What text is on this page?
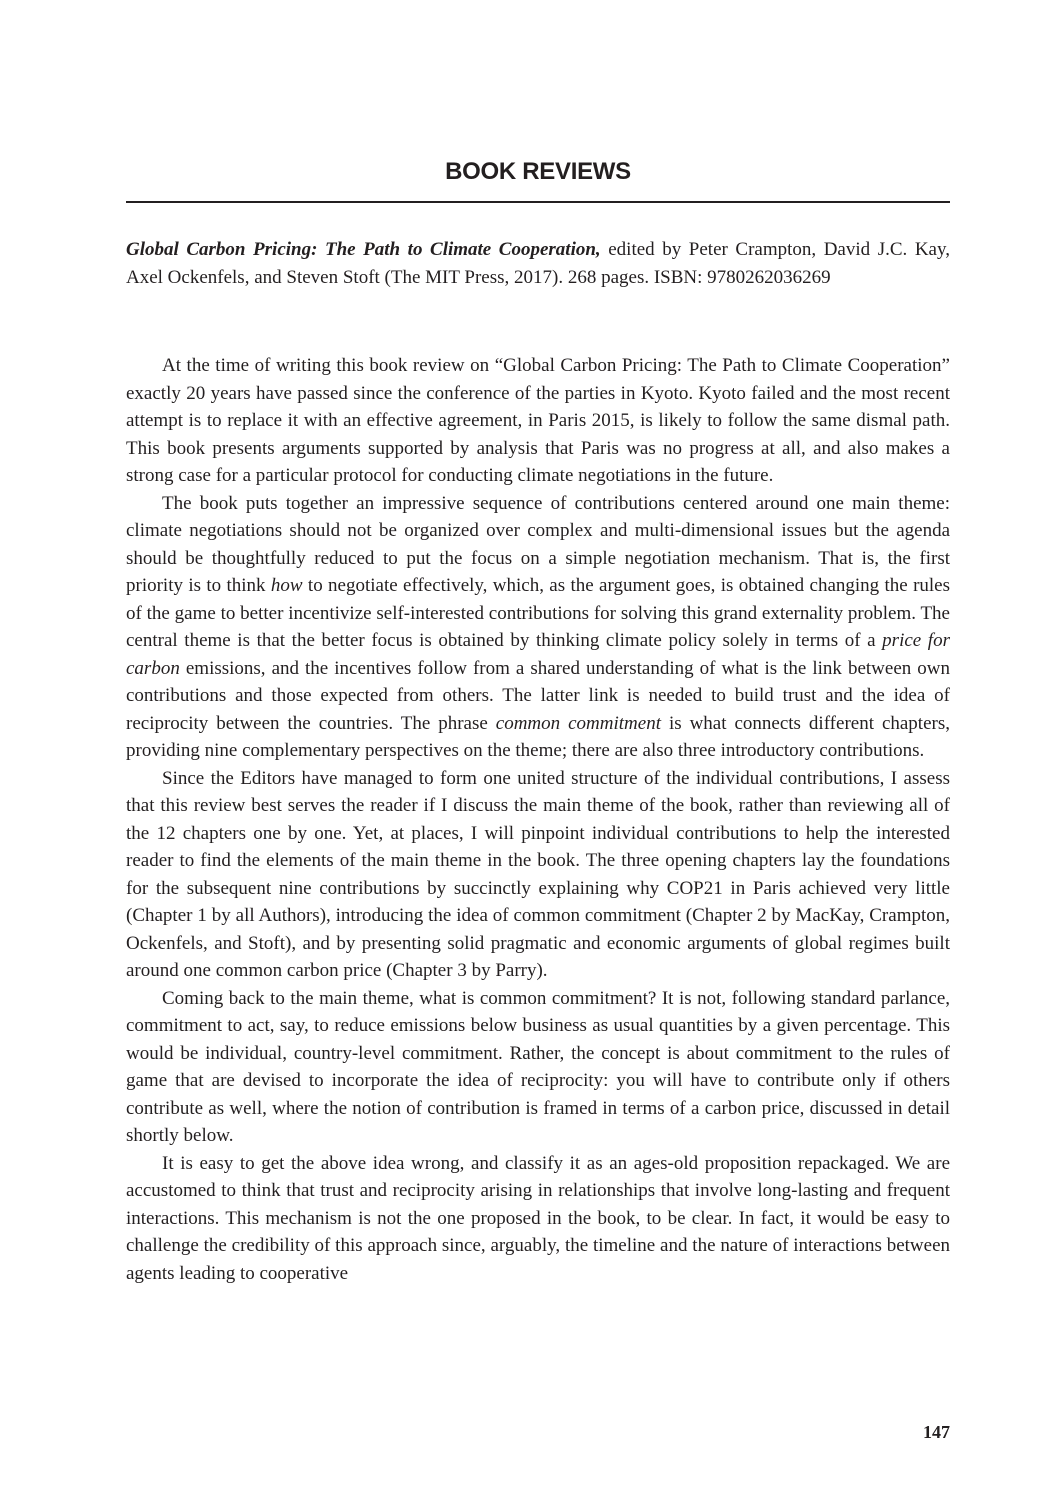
BOOK REVIEWS

Global Carbon Pricing: The Path to Climate Cooperation, edited by Peter Crampton, David J.C. Kay, Axel Ockenfels, and Steven Stoft (The MIT Press, 2017). 268 pages. ISBN: 9780262036269

At the time of writing this book review on “Global Carbon Pricing: The Path to Climate Cooperation” exactly 20 years have passed since the conference of the parties in Kyoto. Kyoto failed and the most recent attempt is to replace it with an effective agreement, in Paris 2015, is likely to follow the same dismal path. This book presents arguments supported by analysis that Paris was no progress at all, and also makes a strong case for a particular protocol for conducting climate negotiations in the future.

The book puts together an impressive sequence of contributions centered around one main theme: climate negotiations should not be organized over complex and multi-dimensional issues but the agenda should be thoughtfully reduced to put the focus on a simple negotiation mechanism. That is, the first priority is to think how to negotiate effectively, which, as the argument goes, is obtained changing the rules of the game to better incentivize self-interested contributions for solving this grand externality problem. The central theme is that the better focus is obtained by thinking climate policy solely in terms of a price for carbon emissions, and the incentives follow from a shared understanding of what is the link between own contributions and those expected from others. The latter link is needed to build trust and the idea of reciprocity between the countries. The phrase common commitment is what connects different chapters, providing nine complementary perspectives on the theme; there are also three introductory contributions.

Since the Editors have managed to form one united structure of the individual contributions, I assess that this review best serves the reader if I discuss the main theme of the book, rather than reviewing all of the 12 chapters one by one. Yet, at places, I will pinpoint individual contributions to help the interested reader to find the elements of the main theme in the book. The three opening chapters lay the foundations for the subsequent nine contributions by succinctly explaining why COP21 in Paris achieved very little (Chapter 1 by all Authors), introducing the idea of common commitment (Chapter 2 by MacKay, Crampton, Ockenfels, and Stoft), and by presenting solid pragmatic and economic arguments of global regimes built around one common carbon price (Chapter 3 by Parry).

Coming back to the main theme, what is common commitment? It is not, following standard parlance, commitment to act, say, to reduce emissions below business as usual quantities by a given percentage. This would be individual, country-level commitment. Rather, the concept is about commitment to the rules of game that are devised to incorporate the idea of reciprocity: you will have to contribute only if others contribute as well, where the notion of contribution is framed in terms of a carbon price, discussed in detail shortly below.

It is easy to get the above idea wrong, and classify it as an ages-old proposition repackaged. We are accustomed to think that trust and reciprocity arising in relationships that involve long-lasting and frequent interactions. This mechanism is not the one proposed in the book, to be clear. In fact, it would be easy to challenge the credibility of this approach since, arguably, the timeline and the nature of interactions between agents leading to cooperative

147
